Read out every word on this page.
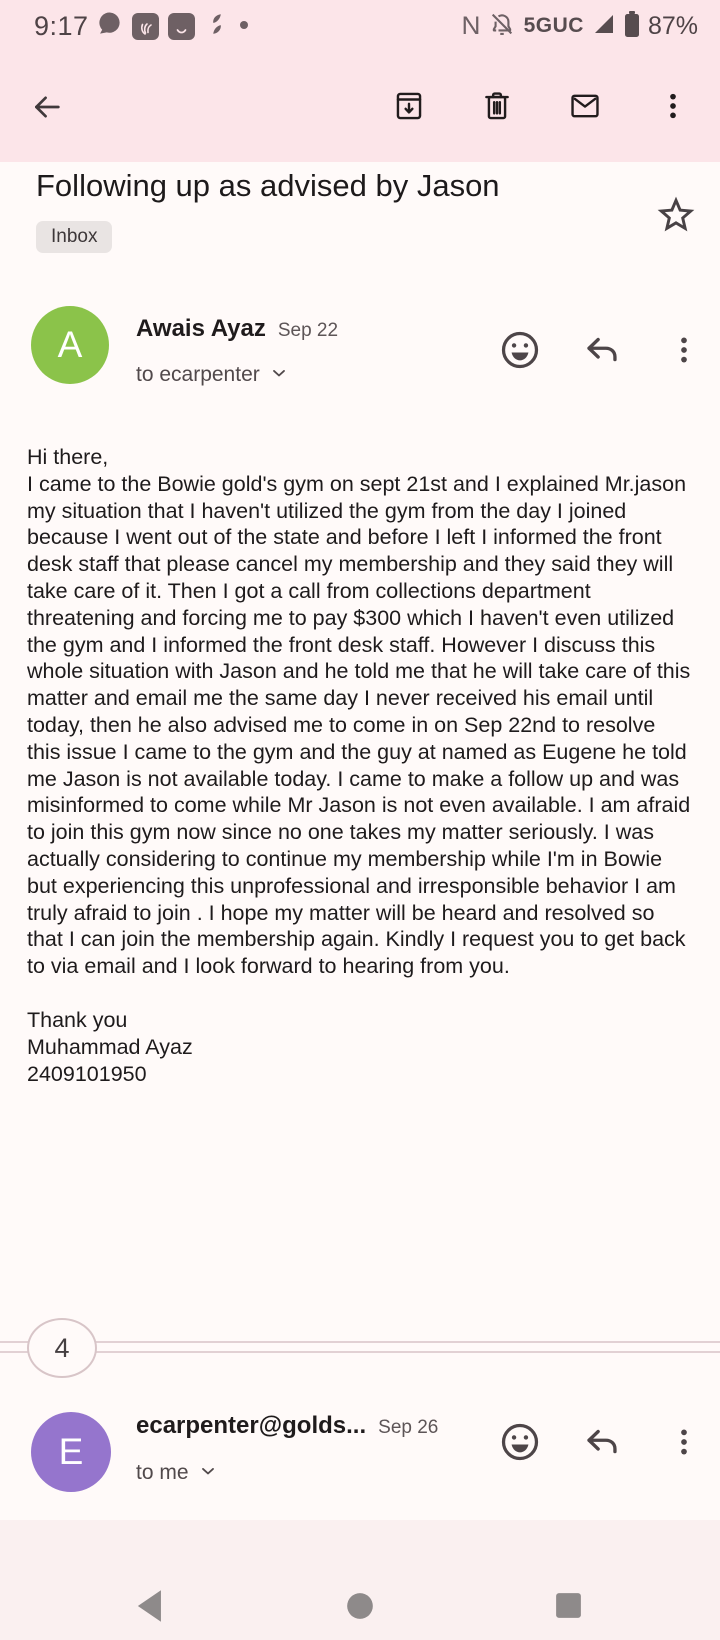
9:17	N 5GUC	87%
Following up as advised by Jason
Inbox
A Awais Ayaz Sep 22
to ecarpenter
Hi there,
I came to the Bowie gold's gym on sept 21st and I explained Mr.jason my situation that I haven't utilized the gym from the day I joined because I went out of the state and before I left I informed the front desk staff that please cancel my membership and they said they will take care of it. Then I got a call from collections department threatening and forcing me to pay $300 which I haven't even utilized the gym and I informed the front desk staff. However I discuss this whole situation with Jason and he told me that he will take care of this matter and email me the same day I never received his email until today, then he also advised me to come in on Sep 22nd to resolve this issue I came to the gym and the guy at named as Eugene he told me Jason is not available today. I came to make a follow up and was misinformed to come while Mr Jason is not even available. I am afraid to join this gym now since no one takes my matter seriously. I was actually considering to continue my membership while I'm in Bowie but experiencing this unprofessional and irresponsible behavior I am truly afraid to join . I hope my matter will be heard and resolved so that I can join the membership again. Kindly I request you to get back to via email and I look forward to hearing from you.
Thank you
Muhammad Ayaz
2409101950
4
E
ecarpenter@golds... Sep 26
to me
